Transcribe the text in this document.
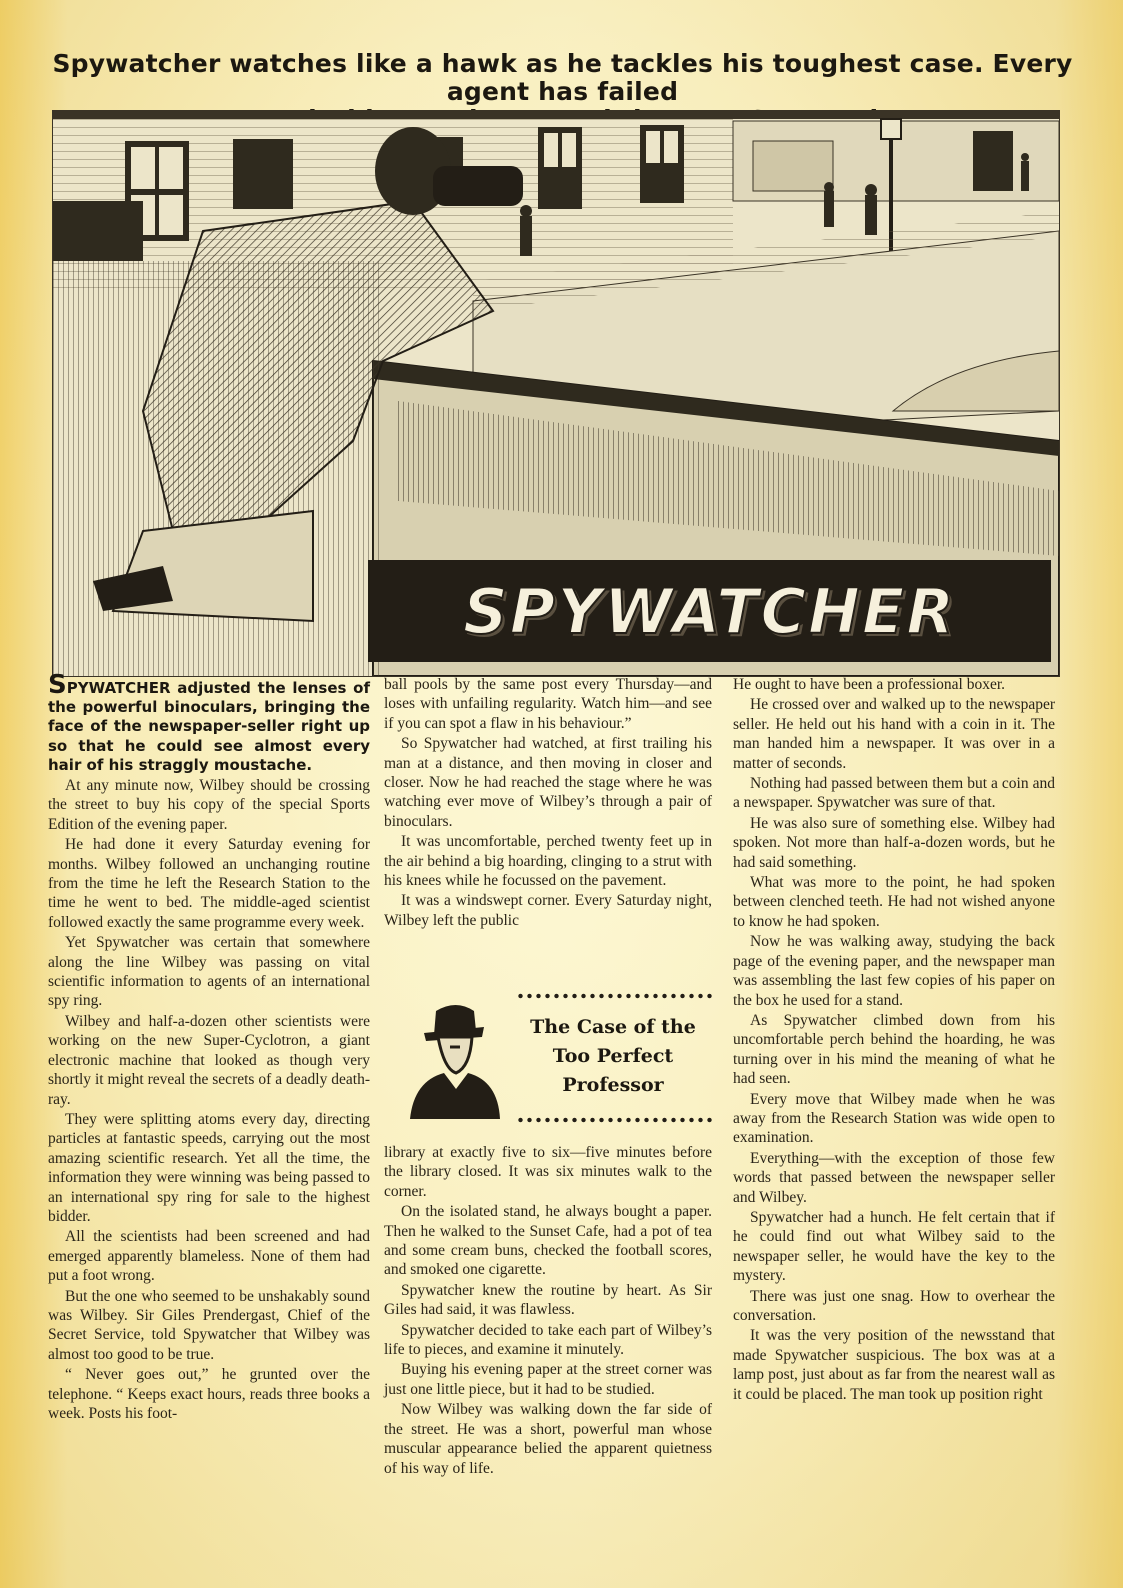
Spywatcher watches like a hawk as he tackles his toughest case. Every agent has failed
SPYWATCHER

SPYWATCHER adjusted the lenses of the powerful binoculars, bringing the face of the newspaper-seller right up so that he could see almost every hair of his straggly moustache.

At any minute now, Wilbey should be crossing the street to buy his copy of the special Sports Edition of the evening paper.

He had done it every Saturday evening for months. Wilbey followed an unchanging routine from the time he left the Research Station to the time he went to bed. The middle-aged scientist followed exactly the same programme every week.

Yet Spywatcher was certain that somewhere along the line Wilbey was passing on vital scientific information to agents of an international spy ring.

Wilbey and half-a-dozen other scientists were working on the new Super-Cyclotron, a giant electronic machine that looked as though very shortly it might reveal the secrets of a deadly death-ray.

They were splitting atoms every day, directing particles at fantastic speeds, carrying out the most amazing scientific research. Yet all the time, the information they were winning was being passed to an international spy ring for sale to the highest bidder.

All the scientists had been screened and had emerged apparently blameless. None of them had put a foot wrong.

But the one who seemed to be unshakably sound was Wilbey. Sir Giles Prendergast, Chief of the Secret Service, told Spywatcher that Wilbey was almost too good to be true.

“ Never goes out,” he grunted over the telephone. “ Keeps exact hours, reads three books a week. Posts his foot-

ball pools by the same post every Thursday—and loses with unfailing regularity. Watch him—and see if you can spot a flaw in his behaviour.”

So Spywatcher had watched, at first trailing his man at a distance, and then moving in closer and closer. Now he had reached the stage where he was watching ever move of Wilbey’s through a pair of binoculars.

It was uncomfortable, perched twenty feet up in the air behind a big hoarding, clinging to a strut with his knees while he focussed on the pavement.

It was a windswept corner. Every Saturday night, Wilbey left the public

The Case of the
Too Perfect
Professor

library at exactly five to six—five minutes before the library closed. It was six minutes walk to the corner.

On the isolated stand, he always bought a paper. Then he walked to the Sunset Cafe, had a pot of tea and some cream buns, checked the football scores, and smoked one cigarette.

Spywatcher knew the routine by heart. As Sir Giles had said, it was flawless.

Spywatcher decided to take each part of Wilbey’s life to pieces, and examine it minutely.

Buying his evening paper at the street corner was just one little piece, but it had to be studied.

Now Wilbey was walking down the far side of the street. He was a short, powerful man whose muscular appearance belied the apparent quietness of his way of life.

He ought to have been a professional boxer.

He crossed over and walked up to the newspaper seller. He held out his hand with a coin in it. The man handed him a newspaper. It was over in a matter of seconds.

Nothing had passed between them but a coin and a newspaper. Spywatcher was sure of that.

He was also sure of something else. Wilbey had spoken. Not more than half-a-dozen words, but he had said something.

What was more to the point, he had spoken between clenched teeth. He had not wished anyone to know he had spoken.

Now he was walking away, studying the back page of the evening paper, and the newspaper man was assembling the last few copies of his paper on the box he used for a stand.

As Spywatcher climbed down from his uncomfortable perch behind the hoarding, he was turning over in his mind the meaning of what he had seen.

Every move that Wilbey made when he was away from the Research Station was wide open to examination.

Everything—with the exception of those few words that passed between the newspaper seller and Wilbey.

Spywatcher had a hunch. He felt certain that if he could find out what Wilbey said to the newspaper seller, he would have the key to the mystery.

There was just one snag. How to overhear the conversation.

It was the very position of the newsstand that made Spywatcher suspicious. The box was at a lamp post, just about as far from the nearest wall as it could be placed. The man took up position right
